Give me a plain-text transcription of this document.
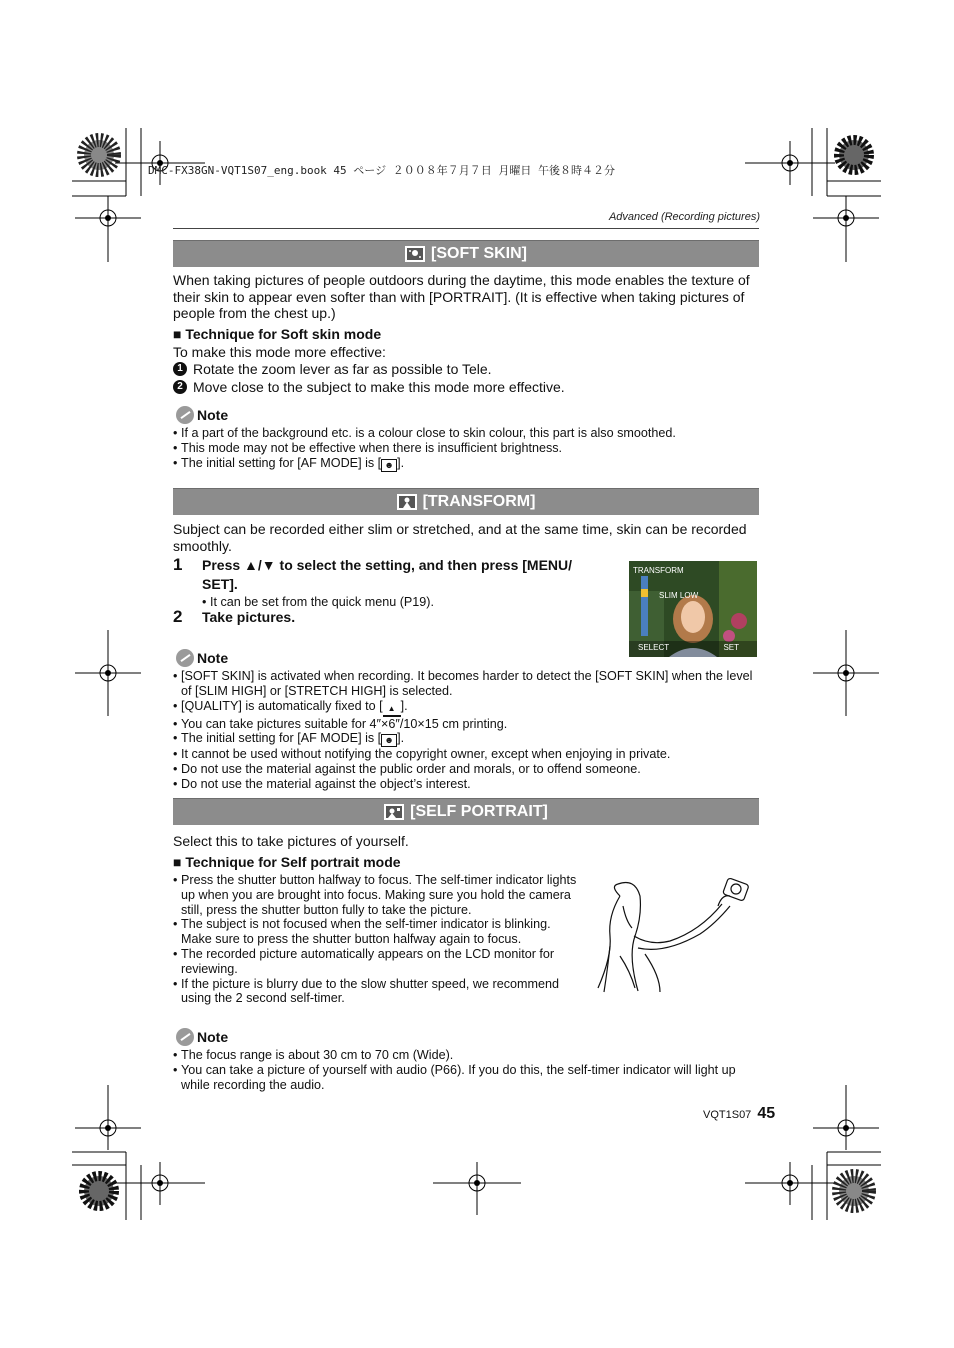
DMC-FX38GN-VQT1S07_eng.book 45 ページ ２００８年７月７日 月曜日 午後８時４２分
Advanced (Recording pictures)
[SOFT SKIN]
When taking pictures of people outdoors during the daytime, this mode enables the texture of their skin to appear even softer than with [PORTRAIT]. (It is effective when taking pictures of people from the chest up.)
■ Technique for Soft skin mode
To make this mode more effective:
1 Rotate the zoom lever as far as possible to Tele.
2 Move close to the subject to make this mode more effective.
Note
• If a part of the background etc. is a colour close to skin colour, this part is also smoothed.
• This mode may not be effective when there is insufficient brightness.
• The initial setting for [AF MODE] is [ ☻ ].
[TRANSFORM]
Subject can be recorded either slim or stretched, and at the same time, skin can be recorded smoothly.
1 Press ▲/▼ to select the setting, and then press [MENU/
SET].
• It can be set from the quick menu (P19).
2 Take pictures.
TRANSFORM
SLIM LOW
SELECT	SET
Note
• [SOFT SKIN] is activated when recording. It becomes harder to detect the [SOFT SKIN] when the level of [SLIM HIGH] or [STRETCH HIGH] is selected.
• [QUALITY] is automatically fixed to [ ▲ ].
• You can take pictures suitable for 4″×6″/10×15 cm printing.
• The initial setting for [AF MODE] is [ ☻ ].
• It cannot be used without notifying the copyright owner, except when enjoying in private.
• Do not use the material against the public order and morals, or to offend someone.
• Do not use the material against the object’s interest.
[SELF PORTRAIT]
Select this to take pictures of yourself.
■ Technique for Self portrait mode
• Press the shutter button halfway to focus. The self-timer indicator lights up when you are brought into focus. Making sure you hold the camera still, press the shutter button fully to take the picture.
• The subject is not focused when the self-timer indicator is blinking. Make sure to press the shutter button halfway again to focus.
• The recorded picture automatically appears on the LCD monitor for reviewing.
• If the picture is blurry due to the slow shutter speed, we recommend using the 2 second self-timer.
Note
• The focus range is about 30 cm to 70 cm (Wide).
• You can take a picture of yourself with audio (P66). If you do this, the self-timer indicator will light up while recording the audio.
VQT1S07 45
